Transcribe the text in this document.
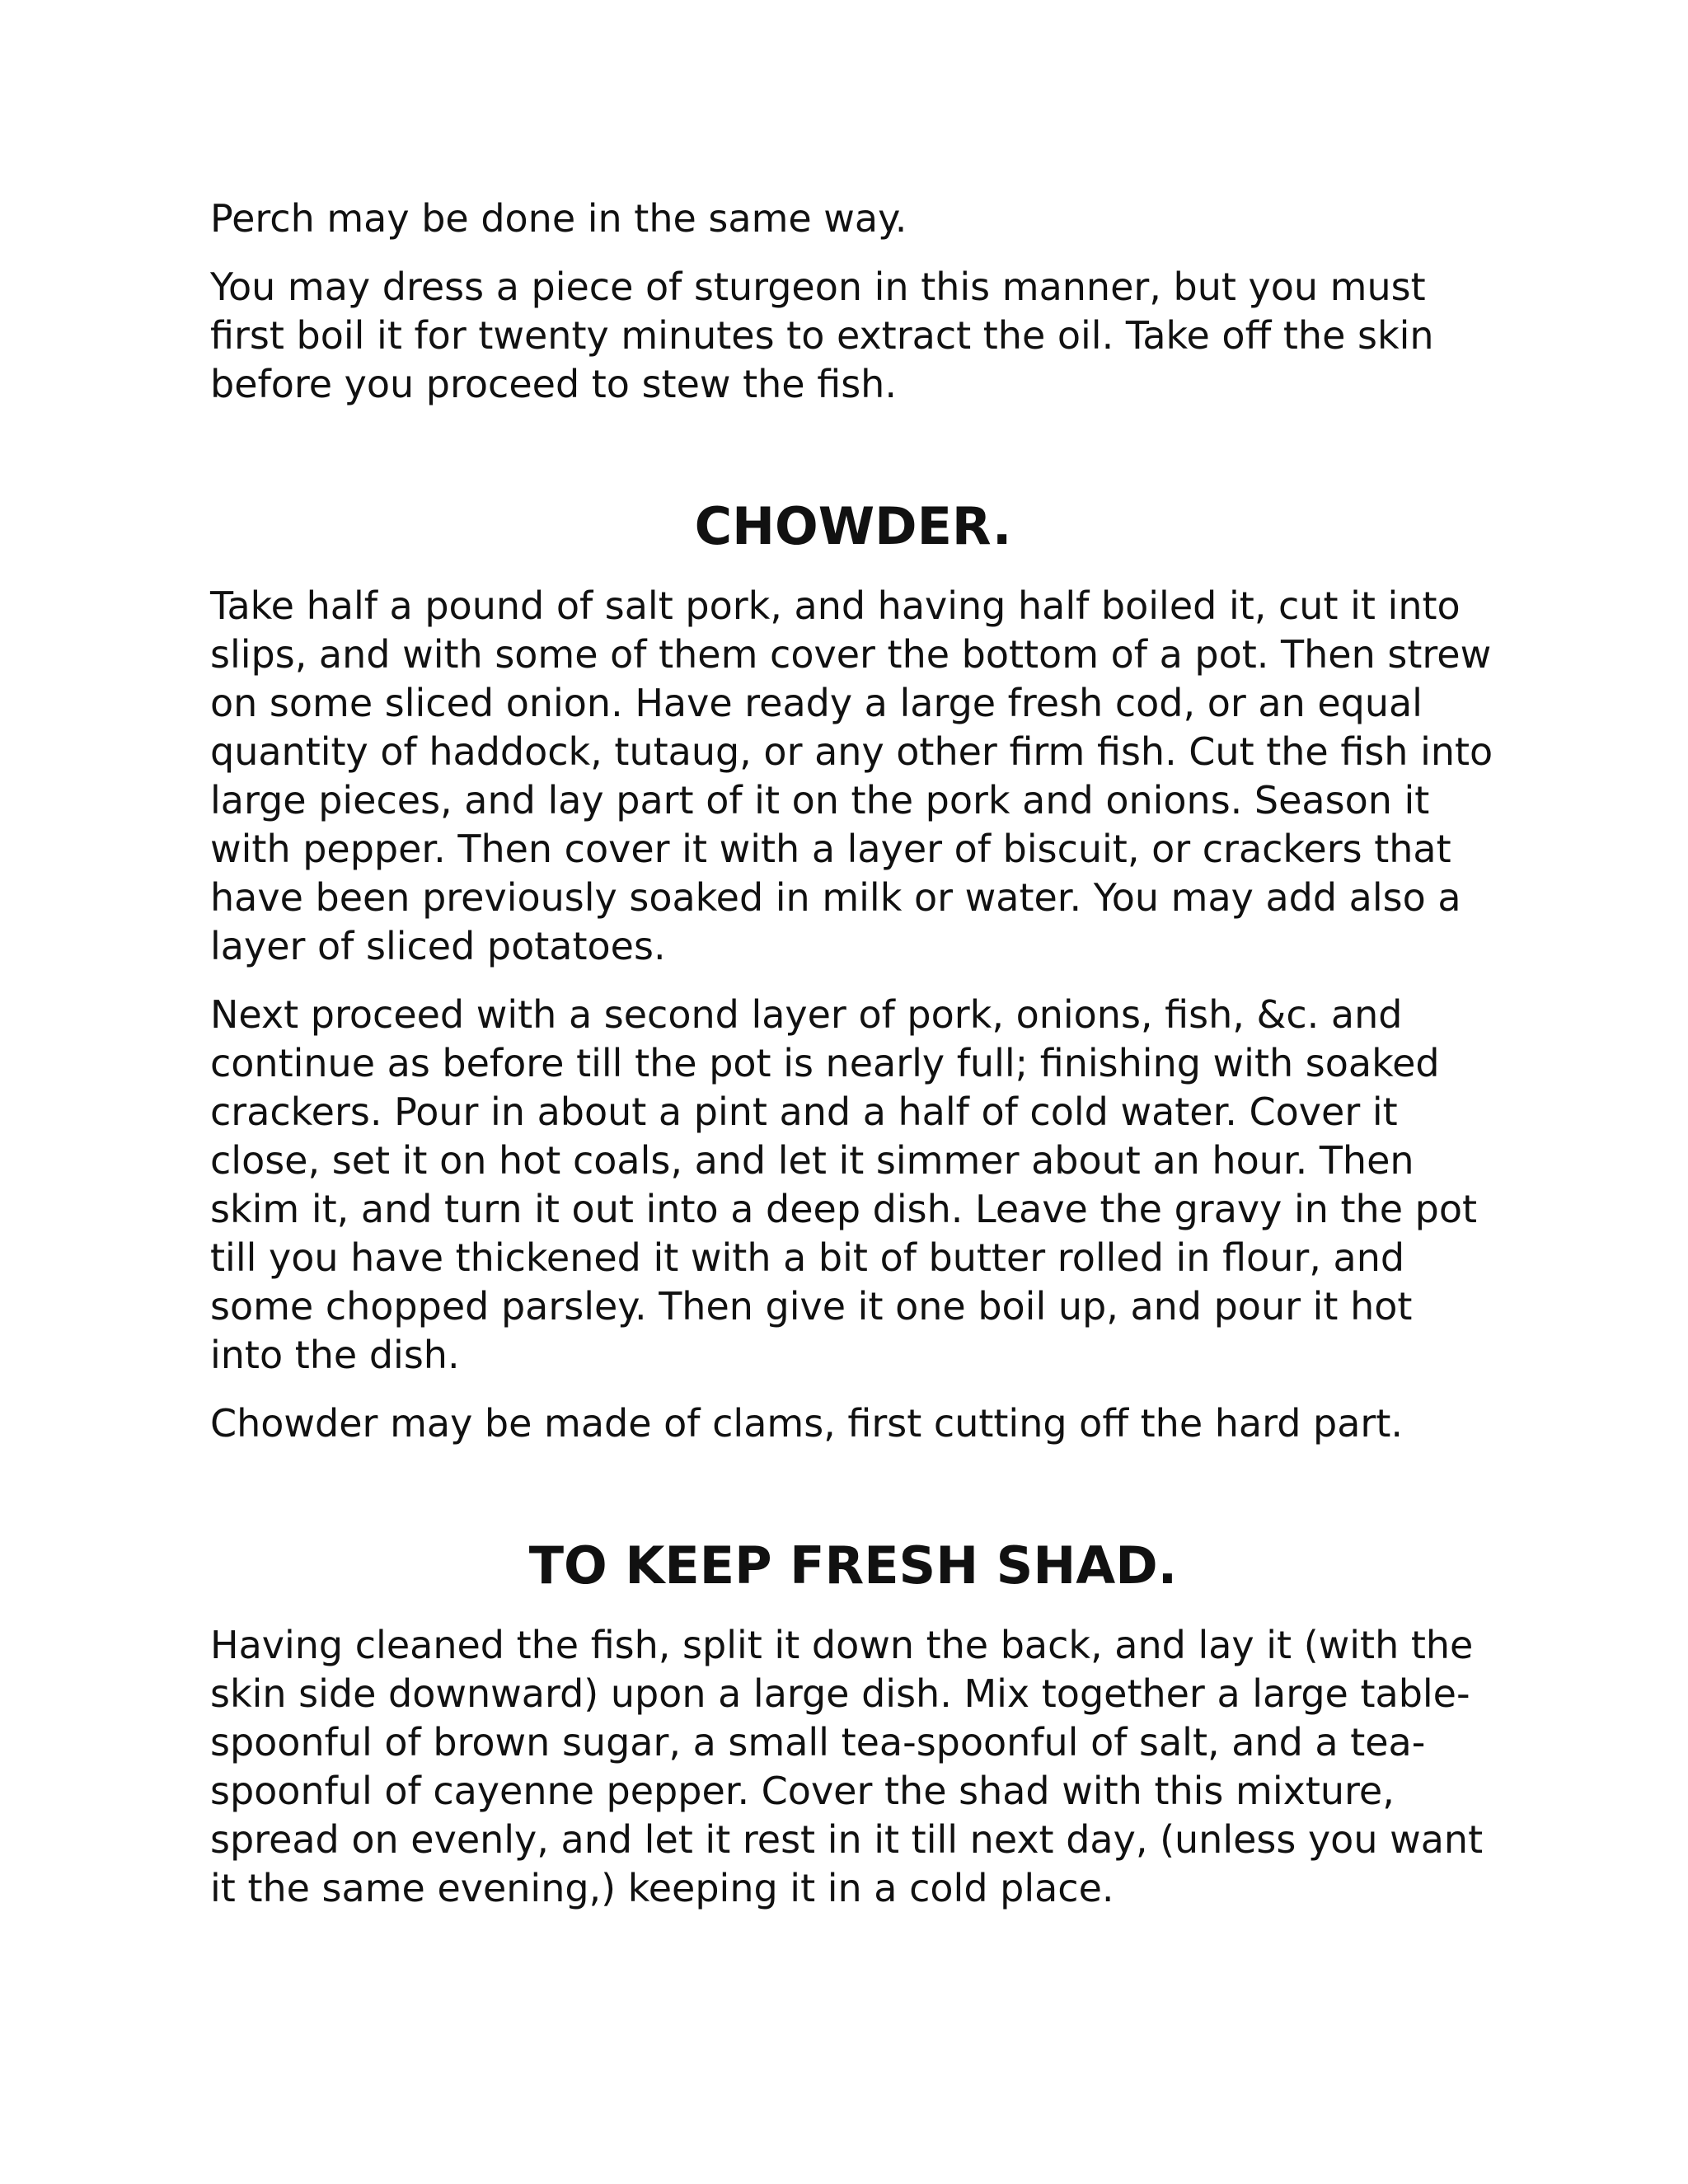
Perch may be done in the same way.

You may dress a piece of sturgeon in this manner, but you must first boil it for twenty minutes to extract the oil. Take off the skin before you proceed to stew the fish.

CHOWDER.

Take half a pound of salt pork, and having half boiled it, cut it into slips, and with some of them cover the bottom of a pot. Then strew on some sliced onion. Have ready a large fresh cod, or an equal quantity of haddock, tutaug, or any other firm fish. Cut the fish into large pieces, and lay part of it on the pork and onions. Season it with pepper. Then cover it with a layer of biscuit, or crackers that have been previously soaked in milk or water. You may add also a layer of sliced potatoes.

Next proceed with a second layer of pork, onions, fish, &c. and continue as before till the pot is nearly full; finishing with soaked crackers. Pour in about a pint and a half of cold water. Cover it close, set it on hot coals, and let it simmer about an hour. Then skim it, and turn it out into a deep dish. Leave the gravy in the pot till you have thickened it with a bit of butter rolled in flour, and some chopped parsley. Then give it one boil up, and pour it hot into the dish.

Chowder may be made of clams, first cutting off the hard part.

TO KEEP FRESH SHAD.

Having cleaned the fish, split it down the back, and lay it (with the skin side downward) upon a large dish. Mix together a large table-spoonful of brown sugar, a small tea-spoonful of salt, and a tea-spoonful of cayenne pepper. Cover the shad with this mixture, spread on evenly, and let it rest in it till next day, (unless you want it the same evening,) keeping it in a cold place.
